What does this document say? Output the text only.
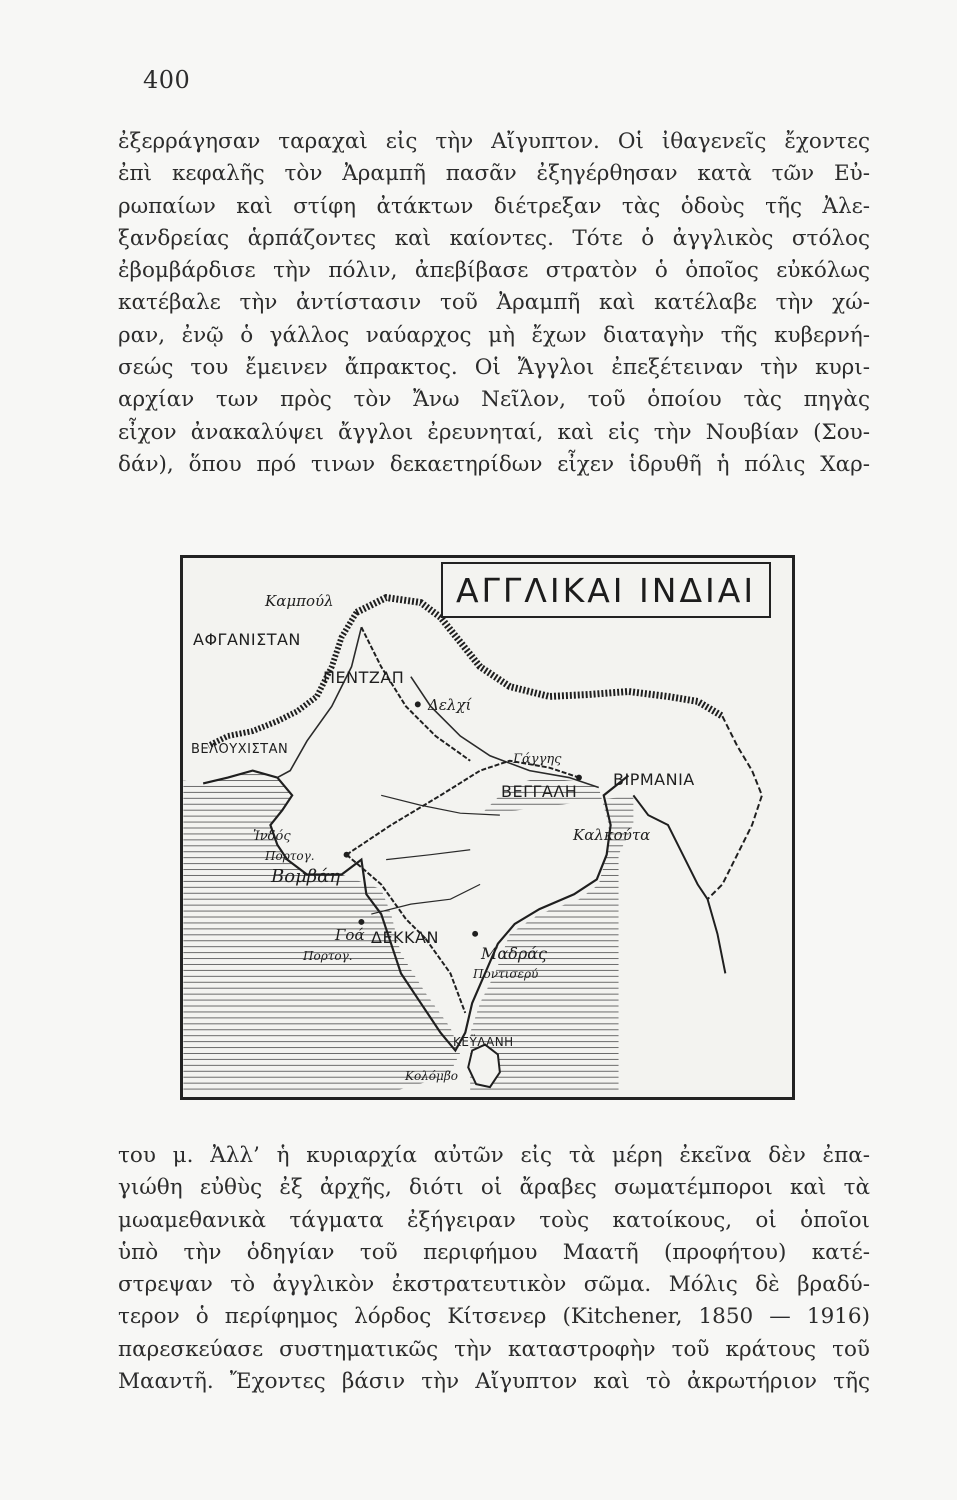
400
ἐξερράγησαν ταραχαὶ εἰς τὴν Αἴγυπτον. Οἱ ἰθαγενεῖς ἔχοντες
ἐπὶ κεφαλῆς τὸν Ἀραμπῆ πασᾶν ἐξηγέρθησαν κατὰ τῶν Εὐ-
ρωπαίων καὶ στίφη ἀτάκτων διέτρεξαν τὰς ὁδοὺς τῆς Ἀλε-
ξανδρείας ἁρπάζοντες καὶ καίοντες. Τότε ὁ ἀγγλικὸς στόλος
ἐβομβάρδισε τὴν πόλιν, ἀπεβίβασε στρατὸν ὁ ὁποῖος εὐκόλως
κατέβαλε τὴν ἀντίστασιν τοῦ Ἀραμπῆ καὶ κατέλαβε τὴν χώ-
ραν, ἐνῷ ὁ γάλλος ναύαρχος μὴ ἔχων διαταγὴν τῆς κυβερνή-
σεώς του ἔμεινεν ἄπρακτος. Οἱ Ἄγγλοι ἐπεξέτειναν τὴν κυρι-
αρχίαν των πρὸς τὸν Ἄνω Νεῖλον, τοῦ ὁποίου τὰς πηγὰς
εἶχον ἀνακαλύψει ἄγγλοι ἐρευνηταί, καὶ εἰς τὴν Νουβίαν (Σου-
δάν), ὅπου πρό τινων δεκαετηρίδων εἶχεν ἱδρυθῆ ἡ πόλις Χαρ-
ΑΓΓΛΙΚΑΙ ΙΝΔΙΑΙ
Καμπούλ
ΑΦΓΑΝΙΣΤΑΝ
ΠΕΝΤΖΑΠ
Δελχί
ΒΕΛΟΥΧΙΣΤΑΝ
Γάγγης
ΒΕΓΓΑΛΗ
ΒΙΡΜΑΝΙΑ
Καλκούτα
Ἰνδός
Πορτογ.
Βομβάη
Γοά ΔΕΚΚΑΝ
Πορτογ.	Μαδράς
Ποντισερύ
ΚΕΫΛΑΝΗ
Κολόμβο
του μ. Ἀλλ’ ἡ κυριαρχία αὐτῶν εἰς τὰ μέρη ἐκεῖνα δὲν ἐπα-
γιώθη εὐθὺς ἐξ ἀρχῆς, διότι οἱ ἄραβες σωματέμποροι καὶ τὰ
μωαμεθανικὰ τάγματα ἐξήγειραν τοὺς κατοίκους, οἱ ὁποῖοι
ὑπὸ τὴν ὁδηγίαν τοῦ περιφήμου Μαατῆ (προφήτου) κατέ-
στρεψαν τὸ ἀγγλικὸν ἐκστρατευτικὸν σῶμα. Μόλις δὲ βραδύ-
τερον ὁ περίφημος λόρδος Κίτσενερ (Kitchener, 1850 — 1916)
παρεσκεύασε συστηματικῶς τὴν καταστροφὴν τοῦ κράτους τοῦ
Μααντῆ. Ἔχοντες βάσιν τὴν Αἴγυπτον καὶ τὸ ἀκρωτήριον τῆς
